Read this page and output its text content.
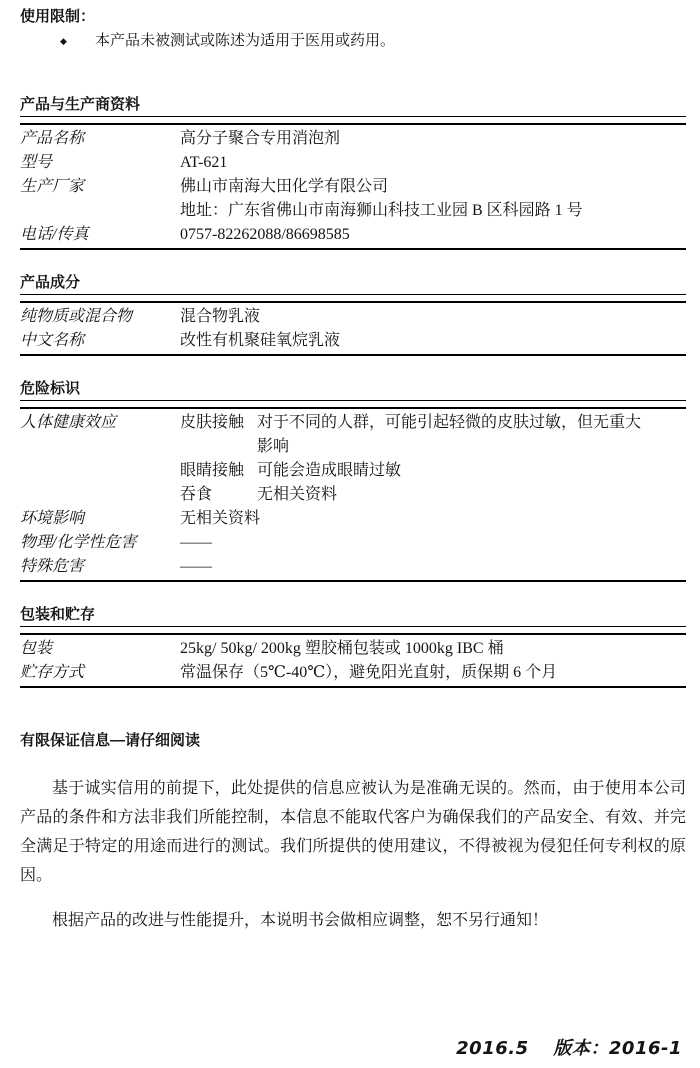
使用限制：
◆	本产品未被测试或陈述为适用于医用或药用。
产品与生产商资料
产品名称	高分子聚合专用消泡剂
型号	AT-621
生产厂家	佛山市南海大田化学有限公司
地址：广东省佛山市南海狮山科技工业园 B 区科园路 1 号
电话/传真	0757-82262088/86698585
产品成分
纯物质或混合物	混合物乳液
中文名称	改性有机聚硅氧烷乳液
危险标识
人体健康效应	皮肤接触 对于不同的人群，可能引起轻微的皮肤过敏，但无重大影响
眼睛接触 可能会造成眼睛过敏
吞食	无相关资料
环境影响	无相关资料
物理/化学性危害	——
特殊危害	——
包装和贮存
包装	25kg/ 50kg/ 200kg 塑胶桶包装或 1000kg IBC 桶
贮存方式	常温保存（5℃-40℃），避免阳光直射，质保期 6 个月
有限保证信息—请仔细阅读

基于诚实信用的前提下，此处提供的信息应被认为是准确无误的。然而，由于使用本公司产品的条件和方法非我们所能控制，本信息不能取代客户为确保我们的产品安全、有效、并完全满足于特定的用途而进行的测试。我们所提供的使用建议，不得被视为侵犯任何专利权的原因。

根据产品的改进与性能提升，本说明书会做相应调整，恕不另行通知！

2016.5 版本：2016-1
